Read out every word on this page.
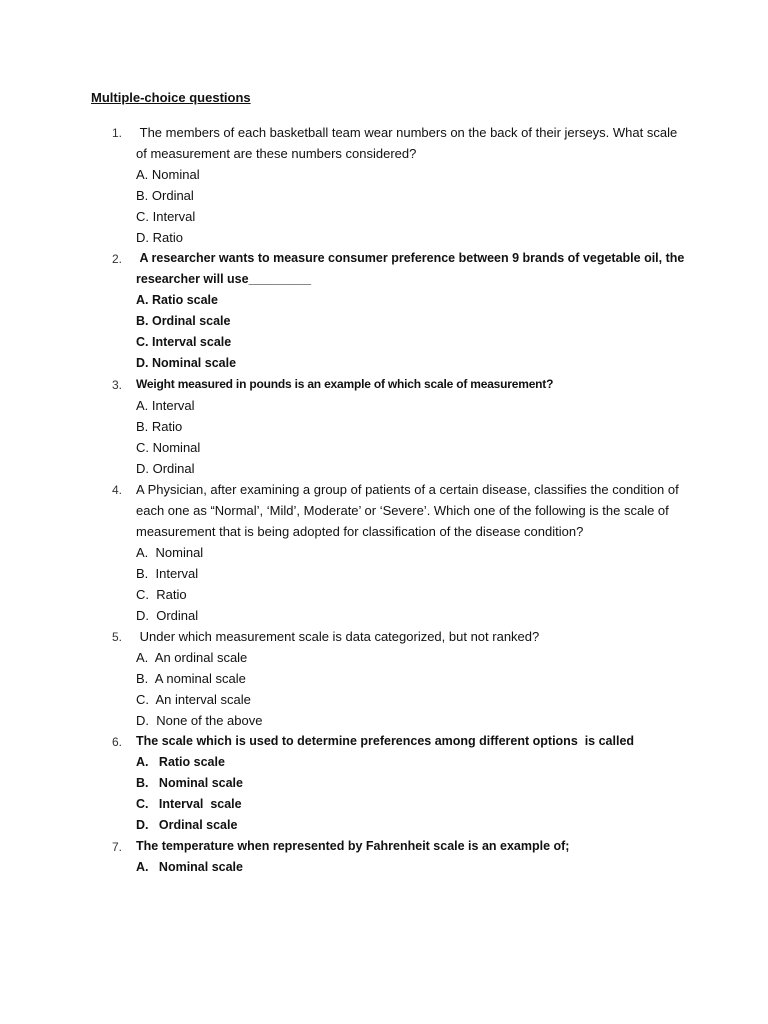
Multiple-choice questions
1. The members of each basketball team wear numbers on the back of their jerseys. What scale of measurement are these numbers considered?
A. Nominal
B. Ordinal
C. Interval
D. Ratio
2. A researcher wants to measure consumer preference between 9 brands of vegetable oil, the researcher will use_________
A. Ratio scale
B. Ordinal scale
C. Interval scale
D. Nominal scale
3. Weight measured in pounds is an example of which scale of measurement?
A. Interval
B. Ratio
C. Nominal
D. Ordinal
4. A Physician, after examining a group of patients of a certain disease, classifies the condition of each one as “Normal’, ‘Mild’, Moderate’ or ‘Severe’. Which one of the following is the scale of measurement that is being adopted for classification of the disease condition?
A.  Nominal
B.  Interval
C.  Ratio
D.  Ordinal
5. Under which measurement scale is data categorized, but not ranked?
A.  An ordinal scale
B.  A nominal scale
C.  An interval scale
D.  None of the above
6. The scale which is used to determine preferences among different options  is called
A.   Ratio scale
B.   Nominal scale
C.   Interval  scale
D.   Ordinal scale
7. The temperature when represented by Fahrenheit scale is an example of;
A.   Nominal scale
